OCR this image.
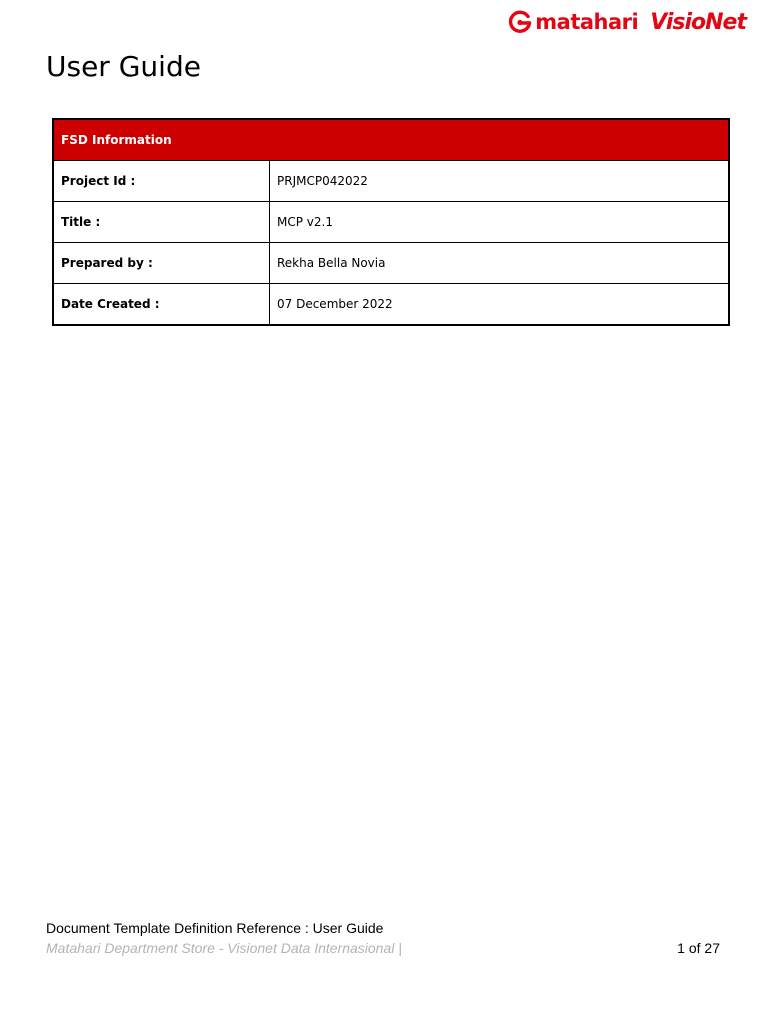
matahari VisioNet
User Guide
FSD Information	
Project Id :	PRJMCP042022
Title :	MCP v2.1
Prepared by :	Rekha Bella Novia
Date Created :	07 December 2022
Document Template Definition Reference : User Guide
Matahari Department Store - Visionet Data Internasional |	1 of 27
